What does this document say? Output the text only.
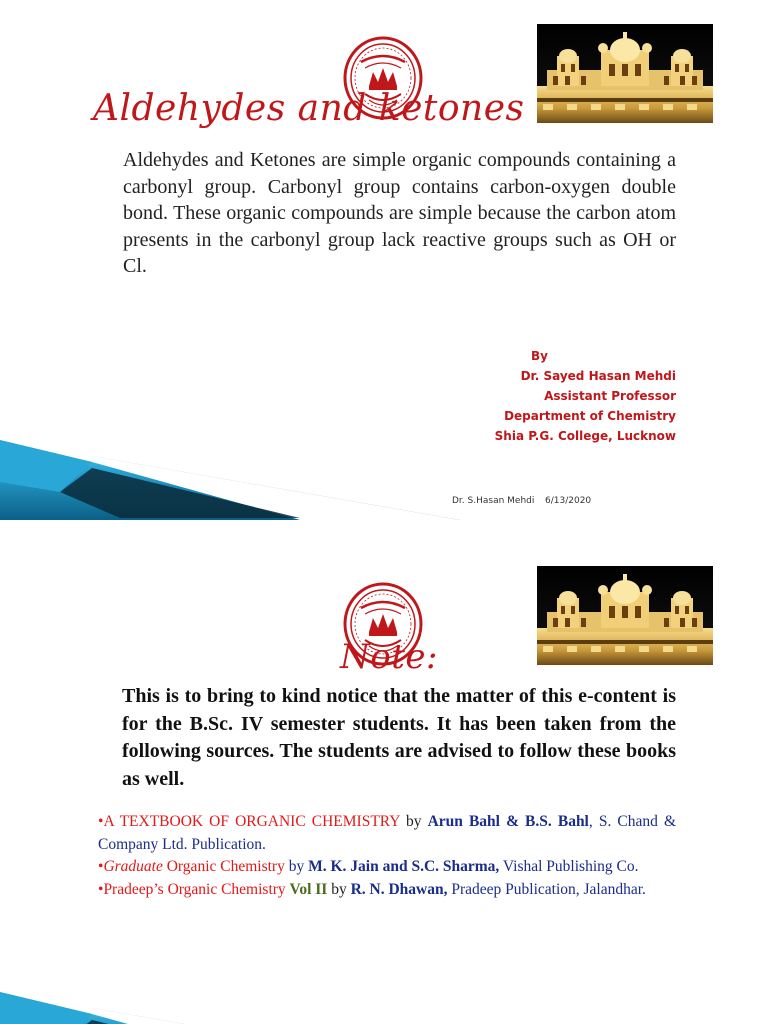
Aldehydes and ketones

Aldehydes and Ketones are simple organic compounds containing a carbonyl group. Carbonyl group contains carbon-oxygen double bond. These organic compounds are simple because the carbon atom presents in the carbonyl group lack reactive groups such as OH or Cl.

By
Dr. Sayed Hasan Mehdi
Assistant Professor
Department of Chemistry
Shia P.G. College, Lucknow
Dr. S.Hasan Mehdi 6/13/2020
Note:

This is to bring to kind notice that the matter of this e-content is for the B.Sc. IV semester students. It has been taken from the following sources. The students are advised to follow these books as well.

•A TEXTBOOK OF ORGANIC CHEMISTRY by Arun Bahl & B.S. Bahl, S. Chand & Company Ltd. Publication.

•Graduate Organic Chemistry by M. K. Jain and S.C. Sharma, Vishal Publishing Co.

•Pradeep’s Organic Chemistry Vol II by R. N. Dhawan, Pradeep Publication, Jalandhar.
